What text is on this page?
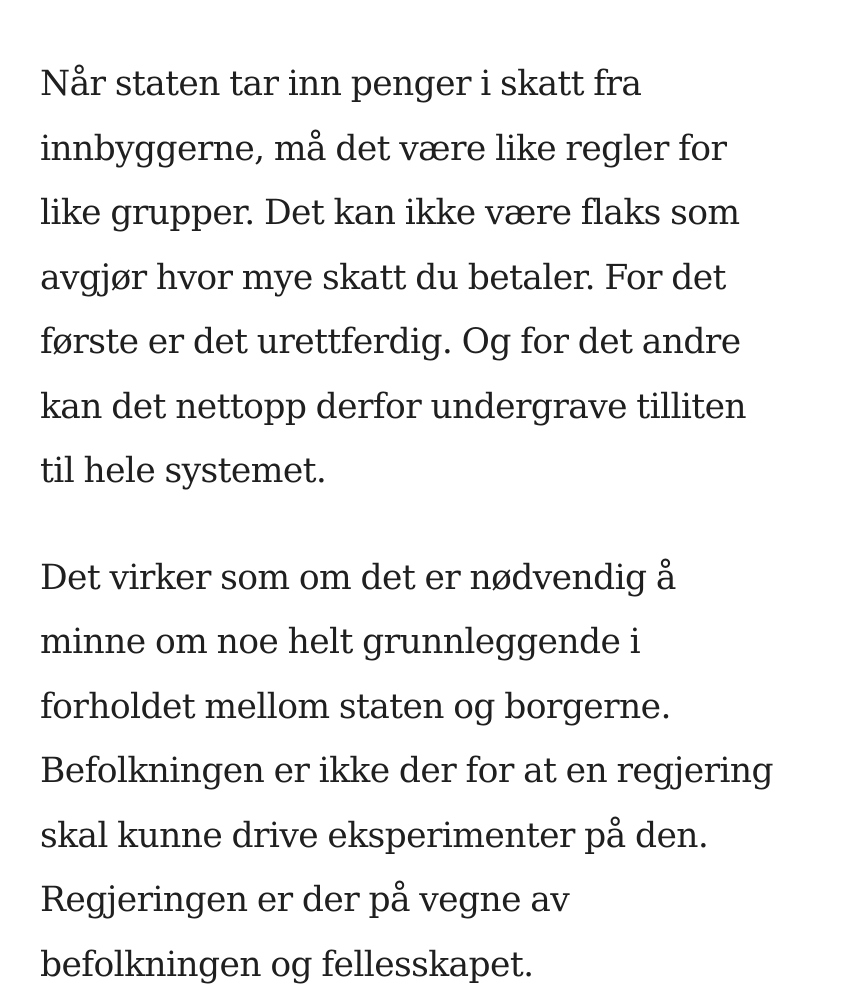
Når staten tar inn penger i skatt fra
innbyggerne, må det være like regler for
like grupper. Det kan ikke være flaks som
avgjør hvor mye skatt du betaler. For det
første er det urettferdig. Og for det andre
kan det nettopp derfor undergrave tilliten
til hele systemet.

Det virker som om det er nødvendig å
minne om noe helt grunnleggende i
forholdet mellom staten og borgerne.
Befolkningen er ikke der for at en regjering
skal kunne drive eksperimenter på den.
Regjeringen er der på vegne av
befolkningen og fellesskapet.
